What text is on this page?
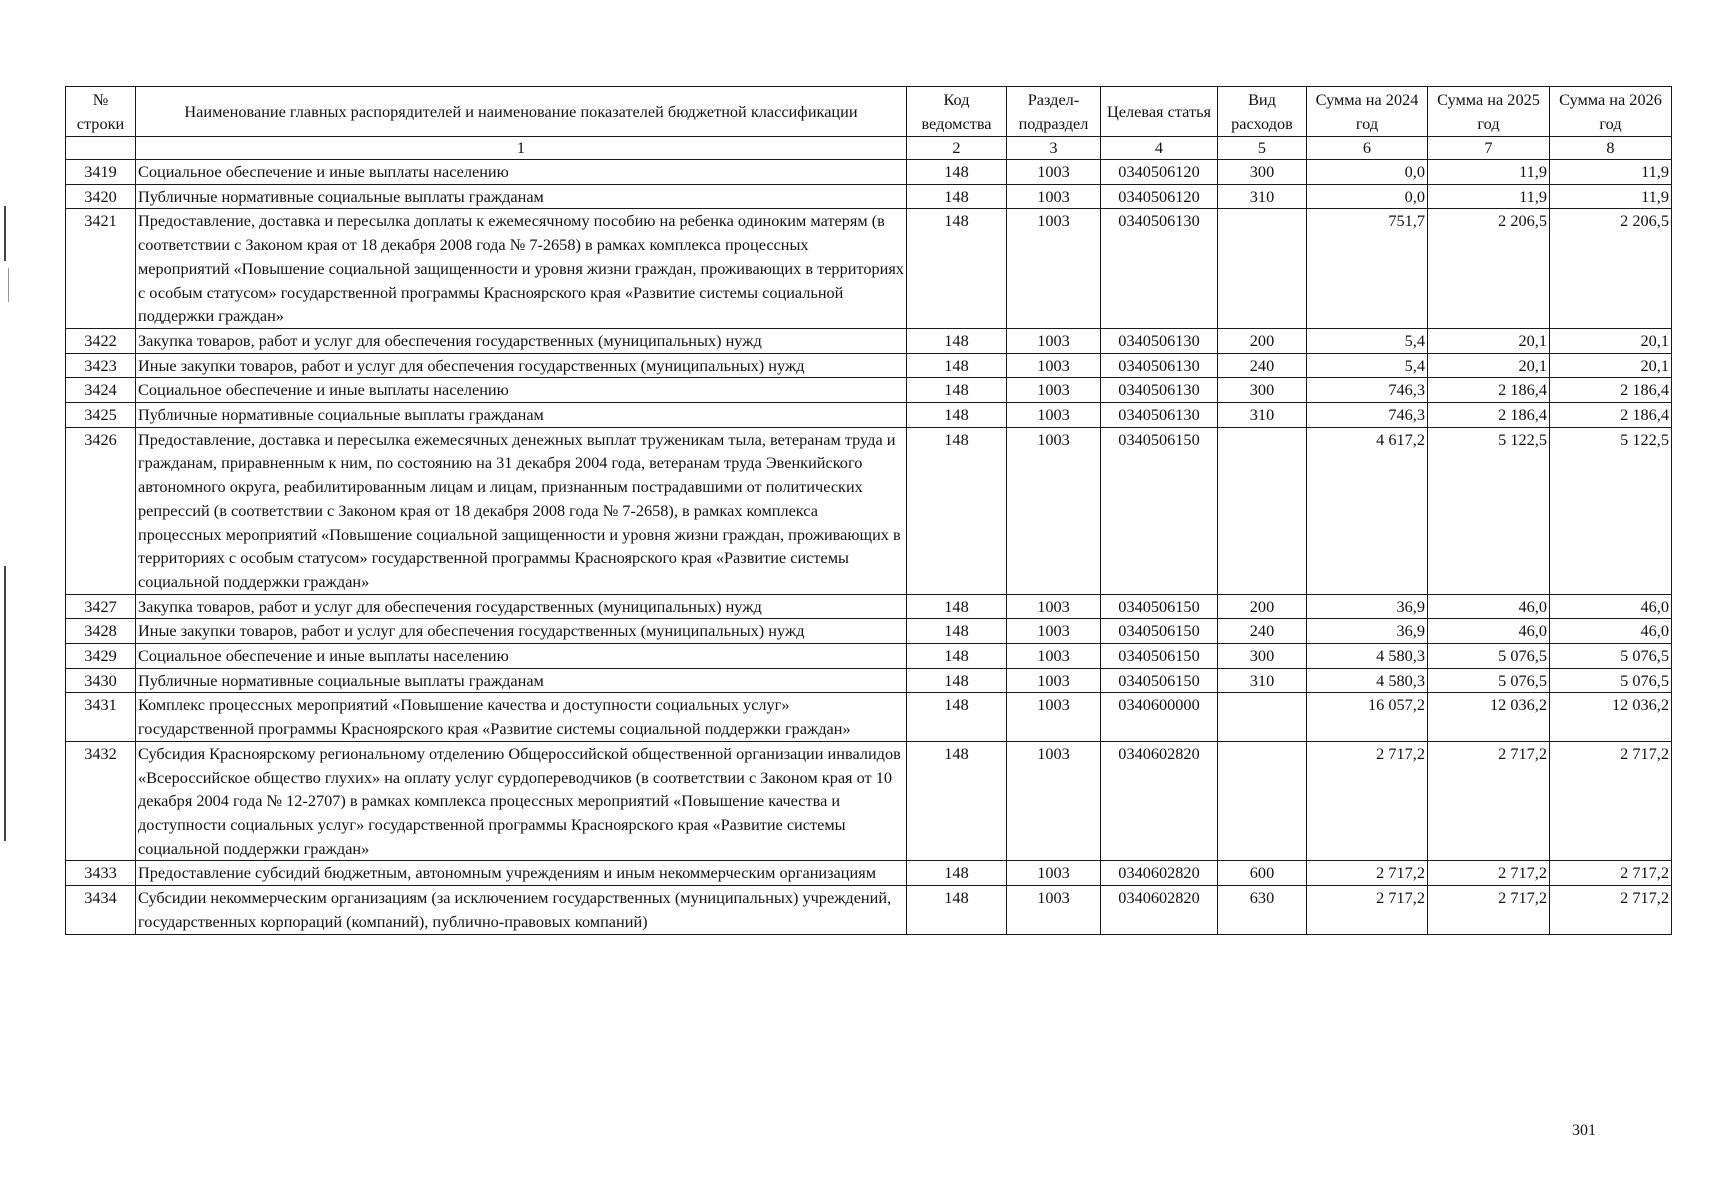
№ строки	Наименование главных распорядителей и наименование показателей бюджетной классификации	Код ведомства	Раздел-подраздел	Целевая статья	Вид расходов	Сумма на 2024 год	Сумма на 2025 год	Сумма на 2026 год
	1	2	3	4	5	6	7	8
3419	Социальное обеспечение и иные выплаты населению	148	1003	0340506120	300	0,0	11,9	11,9
3420	Публичные нормативные социальные выплаты гражданам	148	1003	0340506120	310	0,0	11,9	11,9
3421	Предоставление, доставка и пересылка доплаты к ежемесячному пособию на ребенка одиноким матерям (в соответствии с Законом края от 18 декабря 2008 года № 7-2658) в рамках комплекса процессных мероприятий «Повышение социальной защищенности и уровня жизни граждан, проживающих в территориях с особым статусом» государственной программы Красноярского края «Развитие системы социальной поддержки граждан»	148	1003	0340506130		751,7	2 206,5	2 206,5
3422	Закупка товаров, работ и услуг для обеспечения государственных (муниципальных) нужд	148	1003	0340506130	200	5,4	20,1	20,1
3423	Иные закупки товаров, работ и услуг для обеспечения государственных (муниципальных) нужд	148	1003	0340506130	240	5,4	20,1	20,1
3424	Социальное обеспечение и иные выплаты населению	148	1003	0340506130	300	746,3	2 186,4	2 186,4
3425	Публичные нормативные социальные выплаты гражданам	148	1003	0340506130	310	746,3	2 186,4	2 186,4
3426	Предоставление, доставка и пересылка ежемесячных денежных выплат труженикам тыла, ветеранам труда и гражданам, приравненным к ним, по состоянию на 31 декабря 2004 года, ветеранам труда Эвенкийского автономного округа, реабилитированным лицам и лицам, признанным пострадавшими от политических репрессий (в соответствии с Законом края от 18 декабря 2008 года № 7-2658), в рамках комплекса процессных мероприятий «Повышение социальной защищенности и уровня жизни граждан, проживающих в территориях с особым статусом» государственной программы Красноярского края «Развитие системы социальной поддержки граждан»	148	1003	0340506150		4 617,2	5 122,5	5 122,5
3427	Закупка товаров, работ и услуг для обеспечения государственных (муниципальных) нужд	148	1003	0340506150	200	36,9	46,0	46,0
3428	Иные закупки товаров, работ и услуг для обеспечения государственных (муниципальных) нужд	148	1003	0340506150	240	36,9	46,0	46,0
3429	Социальное обеспечение и иные выплаты населению	148	1003	0340506150	300	4 580,3	5 076,5	5 076,5
3430	Публичные нормативные социальные выплаты гражданам	148	1003	0340506150	310	4 580,3	5 076,5	5 076,5
3431	Комплекс процессных мероприятий «Повышение качества и доступности социальных услуг» государственной программы Красноярского края «Развитие системы социальной поддержки граждан»	148	1003	0340600000		16 057,2	12 036,2	12 036,2
3432	Субсидия Красноярскому региональному отделению Общероссийской общественной организации инвалидов «Всероссийское общество глухих» на оплату услуг сурдопереводчиков (в соответствии с Законом края от 10 декабря 2004 года № 12-2707) в рамках комплекса процессных мероприятий «Повышение качества и доступности социальных услуг» государственной программы Красноярского края «Развитие системы социальной поддержки граждан»	148	1003	0340602820		2 717,2	2 717,2	2 717,2
3433	Предоставление субсидий бюджетным, автономным учреждениям и иным некоммерческим организациям	148	1003	0340602820	600	2 717,2	2 717,2	2 717,2
3434	Субсидии некоммерческим организациям (за исключением государственных (муниципальных) учреждений, государственных корпораций (компаний), публично-правовых компаний)	148	1003	0340602820	630	2 717,2	2 717,2	2 717,2
301
